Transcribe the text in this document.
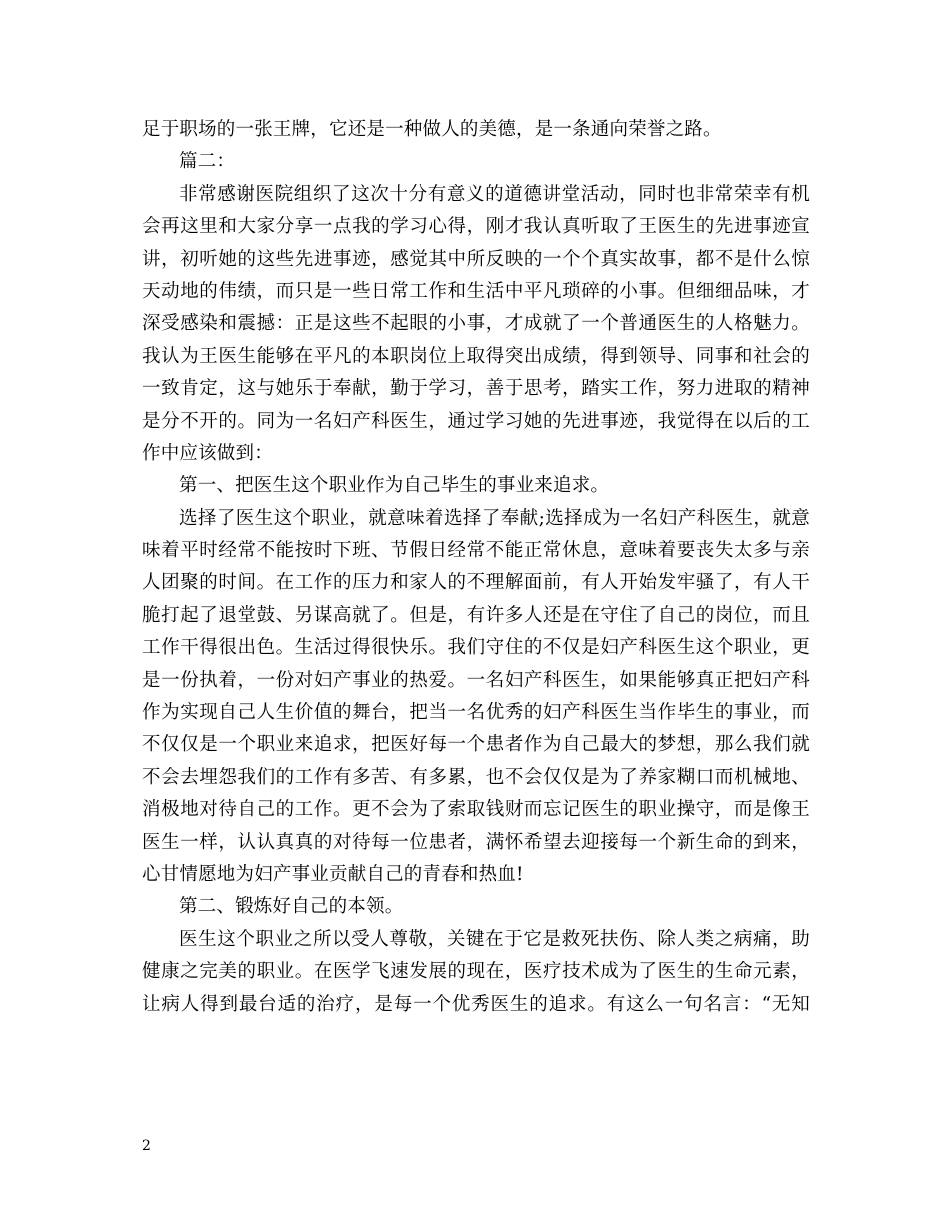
足于职场的一张王牌，它还是一种做人的美德，是一条通向荣誉之路。
篇二：
非常感谢医院组织了这次十分有意义的道德讲堂活动，同时也非常荣幸有机
会再这里和大家分享一点我的学习心得，刚才我认真听取了王医生的先进事迹宣
讲，初听她的这些先进事迹，感觉其中所反映的一个个真实故事，都不是什么惊
天动地的伟绩，而只是一些日常工作和生活中平凡琐碎的小事。但细细品味，才
深受感染和震撼：正是这些不起眼的小事，才成就了一个普通医生的人格魅力。
我认为王医生能够在平凡的本职岗位上取得突出成绩，得到领导、同事和社会的
一致肯定，这与她乐于奉献，勤于学习，善于思考，踏实工作，努力进取的精神
是分不开的。同为一名妇产科医生，通过学习她的先进事迹，我觉得在以后的工
作中应该做到：
第一、把医生这个职业作为自己毕生的事业来追求。
选择了医生这个职业，就意味着选择了奉献;选择成为一名妇产科医生，就意
味着平时经常不能按时下班、节假日经常不能正常休息，意味着要丧失太多与亲
人团聚的时间。在工作的压力和家人的不理解面前，有人开始发牢骚了，有人干
脆打起了退堂鼓、另谋高就了。但是，有许多人还是在守住了自己的岗位，而且
工作干得很出色。生活过得很快乐。我们守住的不仅是妇产科医生这个职业，更
是一份执着，一份对妇产事业的热爱。一名妇产科医生，如果能够真正把妇产科
作为实现自己人生价值的舞台，把当一名优秀的妇产科医生当作毕生的事业，而
不仅仅是一个职业来追求，把医好每一个患者作为自己最大的梦想，那么我们就
不会去埋怨我们的工作有多苦、有多累，也不会仅仅是为了养家糊口而机械地、
消极地对待自己的工作。更不会为了索取钱财而忘记医生的职业操守，而是像王
医生一样，认认真真的对待每一位患者，满怀希望去迎接每一个新生命的到来，
心甘情愿地为妇产事业贡献自己的青春和热血!
第二、锻炼好自己的本领。
医生这个职业之所以受人尊敬，关键在于它是救死扶伤、除人类之病痛，助
健康之完美的职业。在医学飞速发展的现在，医疗技术成为了医生的生命元素，
让病人得到最台适的治疗，是每一个优秀医生的追求。有这么一句名言：“无知
2
